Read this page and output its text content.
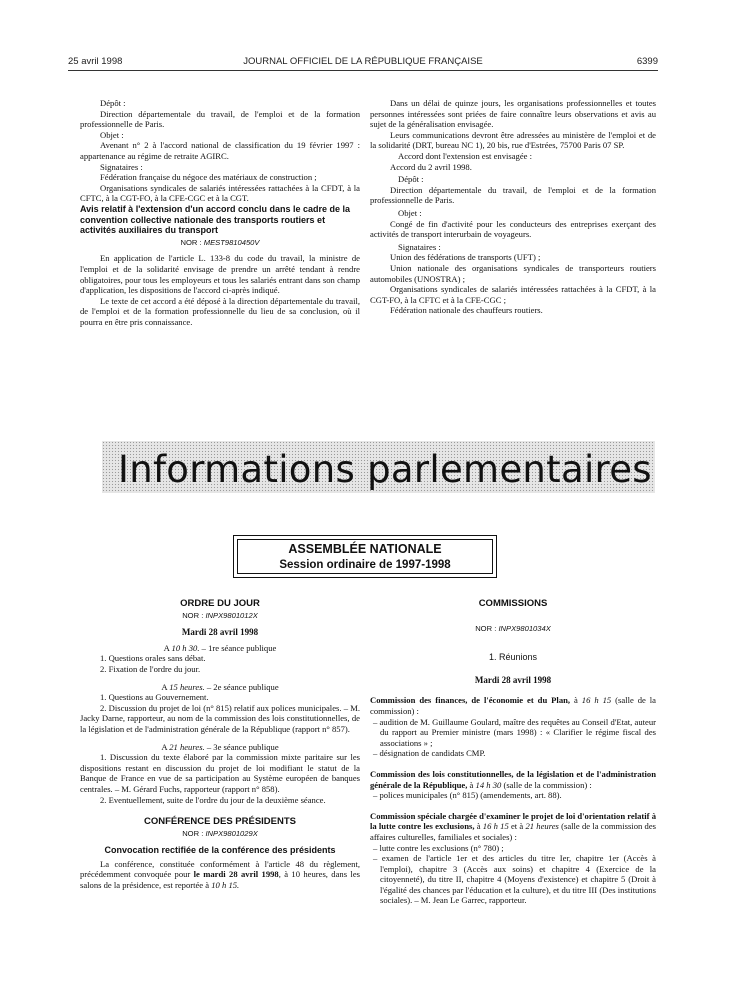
25 avril 1998	JOURNAL OFFICIEL DE LA RÉPUBLIQUE FRANÇAISE	6399

Dépôt :

Direction départementale du travail, de l'emploi et de la formation professionnelle de Paris.

Objet :

Avenant n° 2 à l'accord national de classification du 19 février 1997 : appartenance au régime de retraite AGIRC.

Signataires :

Fédération française du négoce des matériaux de construction ;

Organisations syndicales de salariés intéressées rattachées à la CFDT, à la CFTC, à la CGT-FO, à la CFE-CGC et à la CGT.

Avis relatif à l'extension d'un accord conclu dans le cadre de la convention collective nationale des transports routiers et activités auxiliaires du transport

NOR : MESТ9810450V

En application de l'article L. 133-8 du code du travail, la ministre de l'emploi et de la solidarité envisage de prendre un arrêté tendant à rendre obligatoires, pour tous les employeurs et tous les salariés entrant dans son champ d'application, les dispositions de l'accord ci-après indiqué.

Le texte de cet accord a été déposé à la direction départementale du travail, de l'emploi et de la formation professionnelle du lieu de sa conclusion, où il pourra en être pris connaissance.

Dans un délai de quinze jours, les organisations professionnelles et toutes personnes intéressées sont priées de faire connaître leurs observations et avis au sujet de la généralisation envisagée.

Leurs communications devront être adressées au ministère de l'emploi et de la solidarité (DRT, bureau NC 1), 20 bis, rue d'Estrées, 75700 Paris 07 SP.

Accord dont l'extension est envisagée :

Accord du 2 avril 1998.

Dépôt :

Direction départementale du travail, de l'emploi et de la formation professionnelle de Paris.

Objet :

Congé de fin d'activité pour les conducteurs des entreprises exerçant des activités de transport interurbain de voyageurs.

Signataires :

Union des fédérations de transports (UFT) ;

Union nationale des organisations syndicales de transporteurs routiers automobiles (UNOSTRA) ;

Organisations syndicales de salariés intéressées rattachées à la CFDT, à la CGT-FO, à la CFTC et à la CFE-CGC ;

Fédération nationale des chauffeurs routiers.

Informations parlementaires
ASSEMBLÉE NATIONALE
Session ordinaire de 1997-1998

ORDRE DU JOUR

NOR : INPX9801012X

Mardi 28 avril 1998

A 10 h 30. – 1re séance publique

1. Questions orales sans débat.

2. Fixation de l'ordre du jour.

A 15 heures. – 2e séance publique

1. Questions au Gouvernement.

2. Discussion du projet de loi (n° 815) relatif aux polices municipales. – M. Jacky Darne, rapporteur, au nom de la commission des lois constitutionnelles, de la législation et de l'administration générale de la République (rapport n° 857).

A 21 heures. – 3e séance publique

1. Discussion du texte élaboré par la commission mixte paritaire sur les dispositions restant en discussion du projet de loi modifiant le statut de la Banque de France en vue de sa participation au Système européen de banques centrales. – M. Gérard Fuchs, rapporteur (rapport n° 858).

2. Eventuellement, suite de l'ordre du jour de la deuxième séance.

CONFÉRENCE DES PRÉSIDENTS

NOR : INPX9801029X

Convocation rectifiée de la conférence des présidents

La conférence, constituée conformément à l'article 48 du règlement, précédemment convoquée pour le mardi 28 avril 1998, à 10 heures, dans les salons de la présidence, est reportée à 10 h 15.

COMMISSIONS

NOR : INPX9801034X

1. Réunions

Mardi 28 avril 1998

Commission des finances, de l'économie et du Plan, à 16 h 15 (salle de la commission) :

– audition de M. Guillaume Goulard, maître des requêtes au Conseil d'Etat, auteur du rapport au Premier ministre (mars 1998) : « Clarifier le régime fiscal des associations » ;

– désignation de candidats CMP.

Commission des lois constitutionnelles, de la législation et de l'administration générale de la République, à 14 h 30 (salle de la commission) :

– polices municipales (n° 815) (amendements, art. 88).

Commission spéciale chargée d'examiner le projet de loi d'orientation relatif à la lutte contre les exclusions, à 16 h 15 et à 21 heures (salle de la commission des affaires culturelles, familiales et sociales) :

– lutte contre les exclusions (n° 780) ;

– examen de l'article 1er et des articles du titre Ier, chapitre 1er (Accès à l'emploi), chapitre 3 (Accès aux soins) et chapitre 4 (Exercice de la citoyenneté), du titre II, chapitre 4 (Moyens d'existence) et chapitre 5 (Droit à l'égalité des chances par l'éducation et la culture), et du titre III (Des institutions sociales). – M. Jean Le Garrec, rapporteur.
